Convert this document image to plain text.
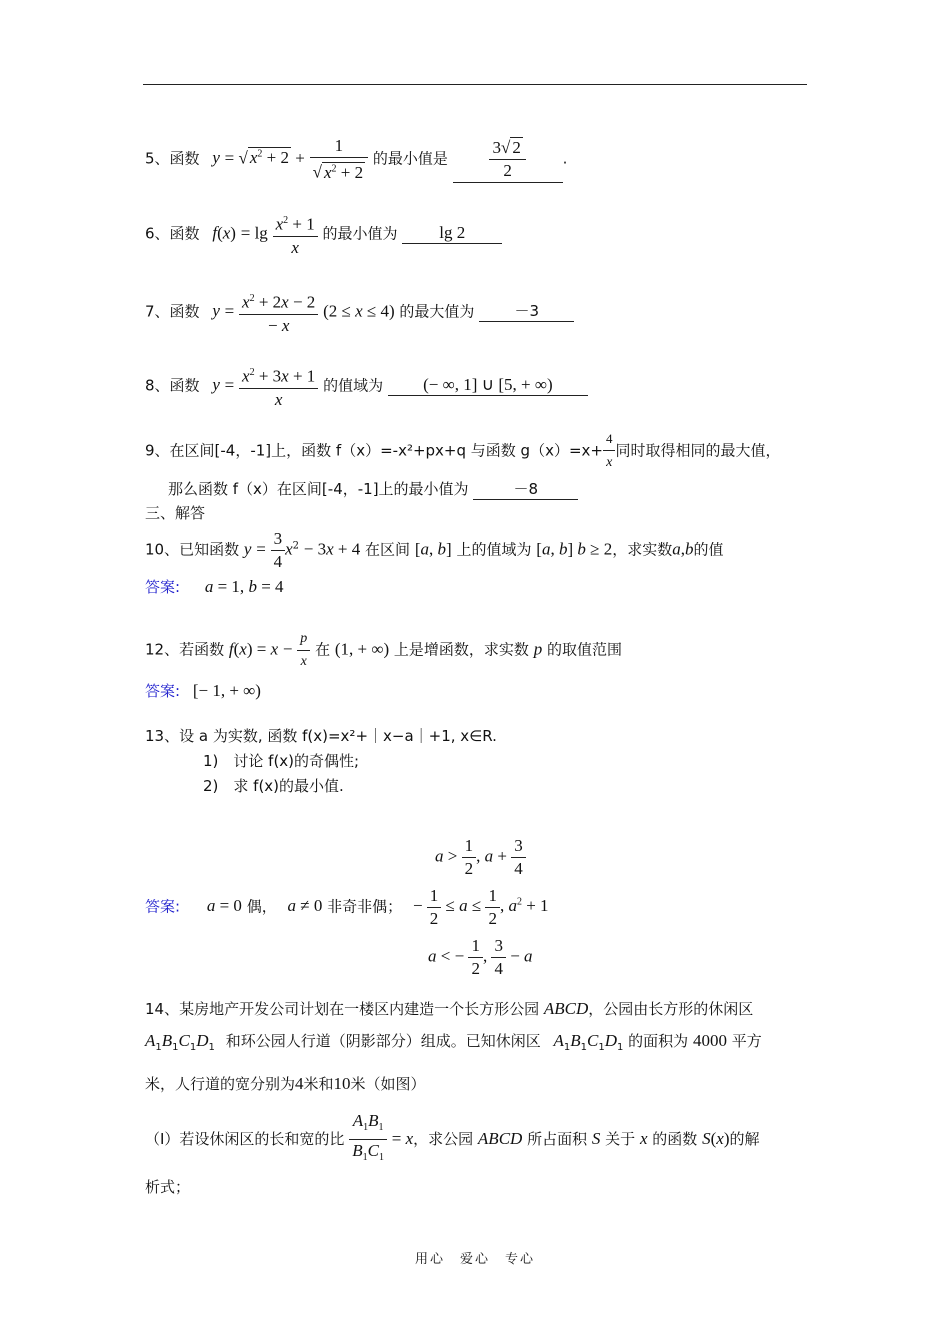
5、函数 y = √ $x^2 + 2 + \frac{1}{√ x^2 + 2}$ 的最小值是 $\frac{3√ 2}{2}$ .
6、函数 $f(x) = \lg \frac{x^2 + 1}{x}$ 的最小值为 lg 2
7、函数 $y = \frac{x^2 + 2x - 2}{- x} (2 \le x \le 4)$ 的最大值为	－3
8、函数 $y = \frac{x^2 + 3x + 1}{x}$ 的值域为 (− ∞, 1] ∪ [5, + ∞)
9、在区间[-4，-1]上，函数 f（x）=-x²+px+q 与函数 $g(x)=x+ \frac{4}{x}$ 同时取得相同的最大值，
那么函数 f（x）在区间[-4，-1]上的最小值为	－8
三、解答
10、已知函数 $y = \frac{3}{4} x^2 - 3x + 4$ 在区间 [a, b] 上的值域为 [a, b] b ≥ 2，求实数a,b的值
答案: a = 1, b = 4
12、若函数 $f(x) = x - \frac{p}{x}$ 在 (1, + ∞) 上是增函数，求实数 p 的取值范围
答案: [− 1, + ∞)
13、设 a 为实数, 函数 f(x)=x²+｜x−a｜+1, x∈R.
1)　讨论 f(x)的奇偶性;
2)　求 f(x)的最小值.
$a > \frac{1}{2}$ , $a + \frac{3}{4}$
答案: a = 0 偶， a ≠ 0 非奇非偶； − $\frac{1}{2} \le a \le \frac{1}{2}$ , $a^2 + 1$
a < − $\frac{1}{2}$ , $\frac{3}{4} - a$
14、某房地产开发公司计划在一楼区内建造一个长方形公园 ABCD，公园由长方形的休闲区
$A_1B_1C_1D_1$ 和环公园人行道（阴影部分）组成。已知休闲区 $A_1B_1C_1D_1$ 的面积为 4000 平方
米，人行道的宽分别为4米和10米（如图）
（Ⅰ）若设休闲区的长和宽的比 $\frac{A_1B_1}{B_1C_1} = x$，求公园 ABCD 所占面积 S 关于 x 的函数 S(x)的解
析式；
用心　爱心　专心
